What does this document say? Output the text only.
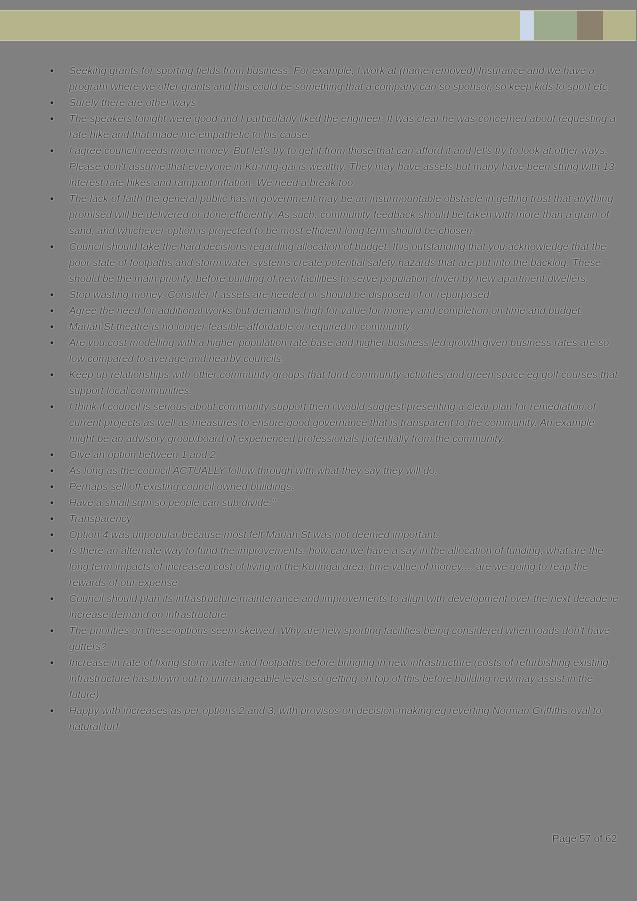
• Seeking grants for sporting fields from business. For example, I work at (name removed) Insurance and we have a program where we offer grants and this could be something that a company can so sponsor, so keep kids to sport etc.
• Surely there are other ways
• The speakers tonight were good and I particularly liked the engineer. It was clear he was concerned about requesting a rate hike and that made me empathetic to his cause.
• I agree council needs more money. But let's try to get it from those that can afford it and let's try to look at other ways. Please don't assume that everyone in Ku-ring-gai is wealthy. They may have assets but many have been stung with 13 interest rate hikes and rampant inflation. We need a break too
• The lack of faith the general public has in government may be an insurmountable obstacle in getting trust that anything promised will be delivered or done efficiently. As such, community feedback should be taken with more than a grain of sand, and whichever option is projected to be most efficient long term should be chosen.
• Council should take the hard decisions regarding allocation of budget. It is outstanding that you acknowledge that the poor state of footpaths and storm water systems create potential safety hazards that are put into the backlog. These should be the main priority, before building of new facilities to serve population driven by new apartment dwellers.
• Stop wasting money. Consider if assets are needed or should be disposed of or repurposed
• Agree the need for additional works but demand is high for value for money and completion on time and budget.
• Marian St theatre is no longer feasible affordable or required in community.
• Are you cost modelling with a higher population rate base and higher business led growth given business rates are so low compared to average and nearby councils.
• Keep up relationships with other community groups that fund community activities and green space eg golf courses that support local communities.
• I think if council is serious about community support then i would suggest presenting a clear plan for remediation of current projects as well as measures to ensure good governance that is transparent to the community. An example might be an advisory group/board of experienced professionals potentially from the community.
• Give an option between 1 and 2
• As long as the council ACTUALLY follow through with what they say they will do.
• Perhaps sell off existing council owned buildings.
• Have a small sqm so people can sub divide."
• Transparency
• Option 4 was unpopular because most felt Marian St was not deemed important.
• Is there an alternate way to fund the improvements, how can we have a say in the allocation of funding, what are the long term impacts of increased cost of living in the Kuringai area, time value of money.... are we going to reap the rewards of our expense
• Council should plan its infrastructure maintenance and improvements to align with development over the next decade ie increase demand on infrastructure
• The priorities on these options seem skewed. Why are new sporting facilities being considered when roads don't have gutters?
• Increase in rate of fixing storm water and footpaths before bringing in new infrastructure (costs of refurbishing existing infrastructure has blown out to unmanageable levels so getting on top of this before building new may assist in the future)
• Happy with increases as per options 2 and 3, with provisos on decision-making eg reverting Norman Griffiths oval to natural turf
Page 57 of 62
